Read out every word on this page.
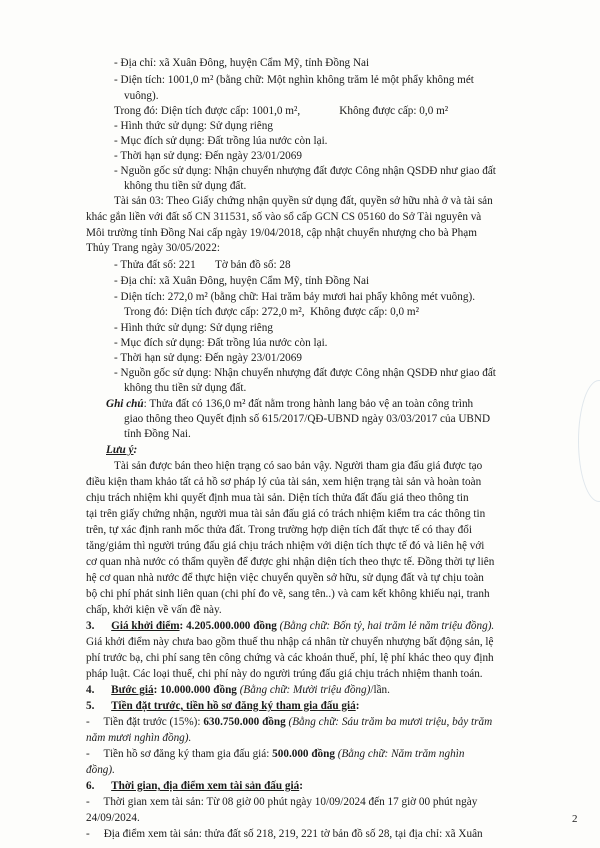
- Địa chỉ: xã Xuân Đông, huyện Cẩm Mỹ, tỉnh Đồng Nai
- Diện tích: 1001,0 m² (bằng chữ: Một nghìn không trăm lẻ một phẩy không mét
vuông).
Trong đó: Diện tích được cấp: 1001,0 m²,              Không được cấp: 0,0 m²
- Hình thức sử dụng: Sử dụng riêng
- Mục đích sử dụng: Đất trồng lúa nước còn lại.
- Thời hạn sử dụng: Đến ngày 23/01/2069
- Nguồn gốc sử dụng: Nhận chuyển nhượng đất được Công nhận QSDĐ như giao đất
không thu tiền sử dụng đất.
Tài sản 03: Theo Giấy chứng nhận quyền sử dụng đất, quyền sở hữu nhà ở và tài sản
khác gắn liền với đất số CN 311531, số vào sổ cấp GCN CS 05160 do Sở Tài nguyên và
Môi trường tỉnh Đồng Nai cấp ngày 19/04/2018, cập nhật chuyển nhượng cho bà Phạm
Thủy Trang ngày 30/05/2022:
- Thửa đất số: 221       Tờ bản đồ số: 28
- Địa chỉ: xã Xuân Đông, huyện Cẩm Mỹ, tỉnh Đồng Nai
- Diện tích: 272,0 m² (bằng chữ: Hai trăm bảy mươi hai phẩy không mét vuông).
Trong đó: Diện tích được cấp: 272,0 m²,  Không được cấp: 0,0 m²
- Hình thức sử dụng: Sử dụng riêng
- Mục đích sử dụng: Đất trồng lúa nước còn lại.
- Thời hạn sử dụng: Đến ngày 23/01/2069
- Nguồn gốc sử dụng: Nhận chuyển nhượng đất được Công nhận QSDĐ như giao đất
không thu tiền sử dụng đất.
Ghi chú: Thửa đất có 136,0 m² đất nằm trong hành lang bảo vệ an toàn công trình
giao thông theo Quyết định số 615/2017/QĐ-UBND ngày 03/03/2017 của UBND
tỉnh Đồng Nai.
Lưu ý:
Tài sản được bán theo hiện trạng có sao bản vậy. Người tham gia đấu giá được tạo
điều kiện tham khảo tất cả hồ sơ pháp lý của tài sản, xem hiện trạng tài sản và hoàn toàn
chịu trách nhiệm khi quyết định mua tài sản. Diện tích thửa đất đấu giá theo thông tin
tại trên giấy chứng nhận, người mua tài sản đấu giá có trách nhiệm kiểm tra các thông tin
trên, tự xác định ranh mốc thửa đất. Trong trường hợp diện tích đất thực tế có thay đổi
tăng/giảm thì người trúng đấu giá chịu trách nhiệm với diện tích thực tế đó và liên hệ với
cơ quan nhà nước có thẩm quyền để được ghi nhận diện tích theo thực tế. Đồng thời tự liên
hệ cơ quan nhà nước để thực hiện việc chuyển quyền sở hữu, sử dụng đất và tự chịu toàn
bộ chi phí phát sinh liên quan (chi phí đo vẽ, sang tên..) và cam kết không khiếu nại, tranh
chấp, khởi kiện về vấn đề này.
3. Giá khởi điểm: 4.205.000.000 đồng (Bằng chữ: Bốn tỷ, hai trăm lẻ năm triệu đồng).
Giá khởi điểm này chưa bao gồm thuế thu nhập cá nhân từ chuyển nhượng bất động sản, lệ
phí trước bạ, chi phí sang tên công chứng và các khoản thuế, phí, lệ phí khác theo quy định
pháp luật. Các loại thuế, chi phí này do người trúng đấu giá chịu trách nhiệm thanh toán.
4. Bước giá: 10.000.000 đồng (Bằng chữ: Mười triệu đồng)/lần.
5. Tiền đặt trước, tiền hồ sơ đăng ký tham gia đấu giá:
-     Tiền đặt trước (15%): 630.750.000 đồng (Bằng chữ: Sáu trăm ba mươi triệu, bảy trăm
năm mươi nghìn đồng).
-     Tiền hồ sơ đăng ký tham gia đấu giá: 500.000 đồng (Bằng chữ: Năm trăm nghìn
đồng).
6. Thời gian, địa điểm xem tài sản đấu giá:
-     Thời gian xem tài sản: Từ 08 giờ 00 phút ngày 10/09/2024 đến 17 giờ 00 phút ngày
24/09/2024.
-     Địa điểm xem tài sản: thửa đất số 218, 219, 221 tờ bản đồ số 28, tại địa chỉ: xã Xuân
2
